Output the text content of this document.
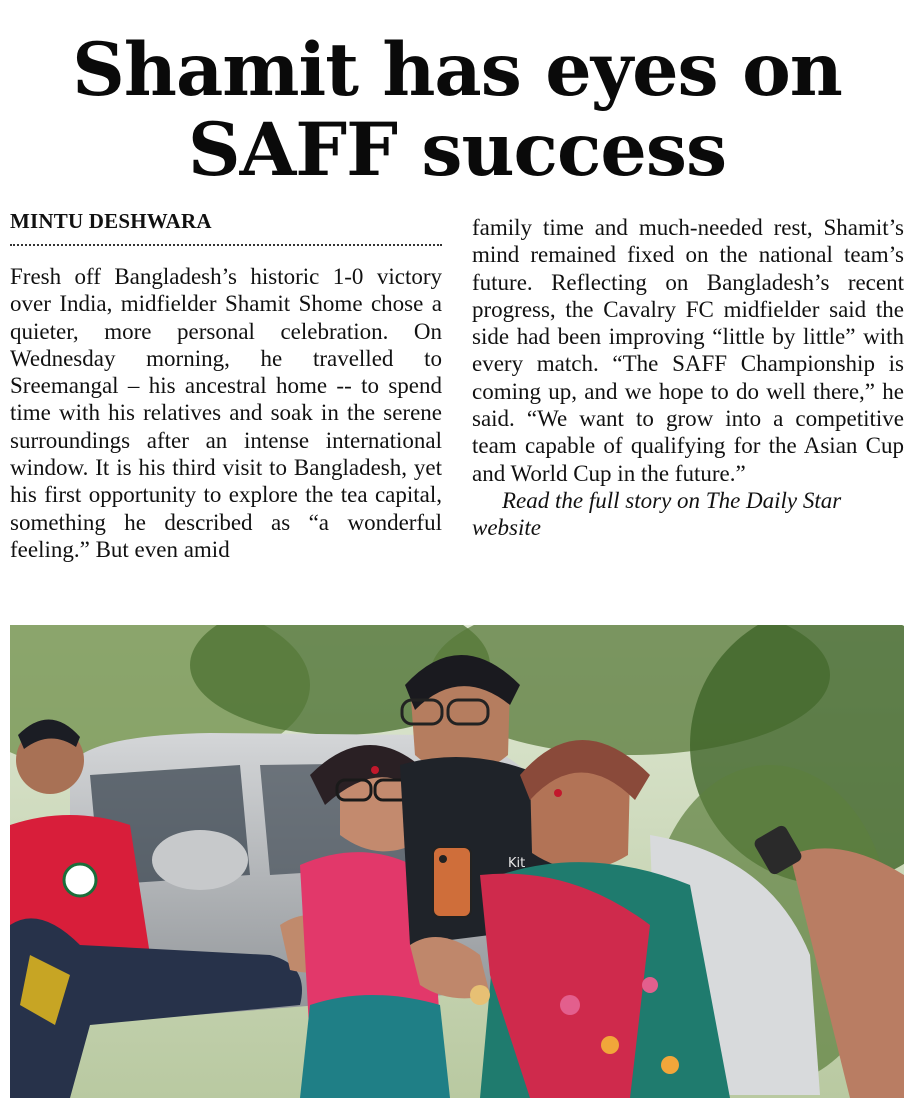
Shamit has eyes on
SAFF success
MINTU DESHWARA

Fresh off Bangladesh’s historic 1-0 victory over India, midfielder Shamit Shome chose a quieter, more personal celebration. On Wednesday morning, he travelled to Sreemangal – his ancestral home -- to spend time with his relatives and soak in the serene surroundings after an intense international window. It is his third visit to Bangladesh, yet his first opportunity to explore the tea capital, something he described as “a wonderful feeling.” But even amid

family time and much-needed rest, Shamit’s mind remained fixed on the national team’s future. Reflecting on Bangladesh’s recent progress, the Cavalry FC midfielder said the side had been improving “little by little” with every match. “The SAFF Championship is coming up, and we hope to do well there,” he said. “We want to grow into a competitive team capable of qualifying for the Asian Cup and World Cup in the future.”

Read the full story on The Daily Star website

Kit
